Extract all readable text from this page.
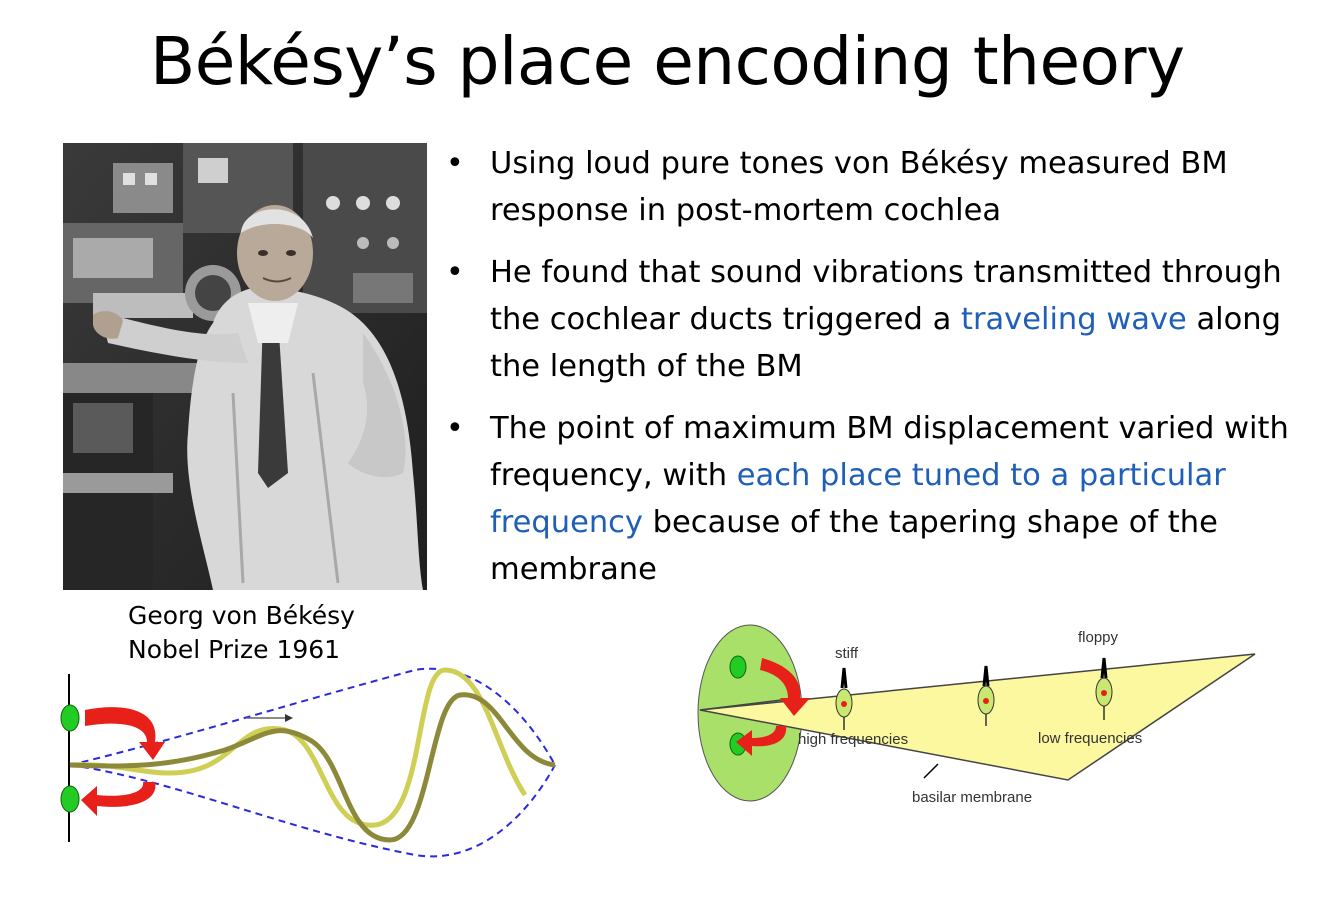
Békésy’s place encoding theory
Georg von Békésy
Nobel Prize 1961
• Using loud pure tones von Békésy measured BM response in post-mortem cochlea
• He found that sound vibrations transmitted through the cochlear ducts triggered a traveling wave along the length of the BM
• The point of maximum BM displacement varied with frequency, with each place tuned to a particular frequency because of the tapering shape of the membrane
stiff
floppy
high frequencies	low frequencies
basilar membrane
